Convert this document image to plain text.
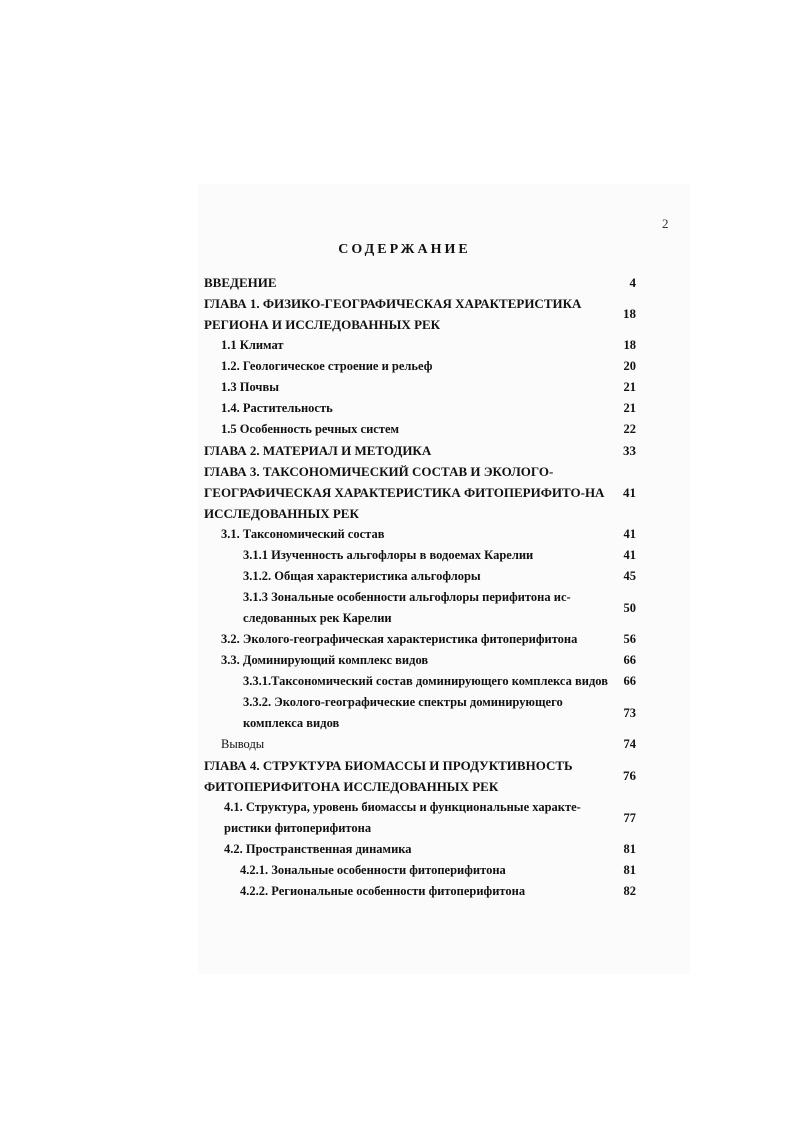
2
СОДЕРЖАНИЕ
ВВЕДЕНИЕ	4
ГЛАВА 1. ФИЗИКО-ГЕОГРАФИЧЕСКАЯ ХАРАКТЕРИСТИКА РЕГИОНА И ИССЛЕДОВАННЫХ РЕК
18
1.1 Климат	18
1.2. Геологическое строение и рельеф	20
1.3 Почвы	21
1.4. Растительность	21
1.5 Особенность речных систем	22
ГЛАВА 2. МАТЕРИАЛ И МЕТОДИКА	33
ГЛАВА 3. ТАКСОНОМИЧЕСКИЙ СОСТАВ И ЭКОЛОГО-ГЕОГРАФИЧЕСКАЯ ХАРАКТЕРИСТИКА ФИТОПЕРИФИТО-НА ИССЛЕДОВАННЫХ РЕК
41
3.1. Таксономический состав	41
3.1.1 Изученность альгофлоры в водоемах Карелии	41
3.1.2. Общая характеристика альгофлоры	45
3.1.3 Зональные особенности альгофлоры перифитона ис-следованных рек Карелии
50
3.2. Эколого-географическая характеристика фитоперифитона	56
3.3. Доминирующий комплекс видов	66
3.3.1.Таксономический состав доминирующего комплекса видов	66
3.3.2. Эколого-географические спектры доминирующего комплекса видов
73
Выводы	74
ГЛАВА 4. СТРУКТУРА БИОМАССЫ И ПРОДУКТИВНОСТЬ ФИТОПЕРИФИТОНА ИССЛЕДОВАННЫХ РЕК
76
4.1. Структура, уровень биомассы и функциональные характе-ристики фитоперифитона
77
4.2. Пространственная динамика	81
4.2.1. Зональные особенности фитоперифитона	81
4.2.2. Региональные особенности фитоперифитона	82
